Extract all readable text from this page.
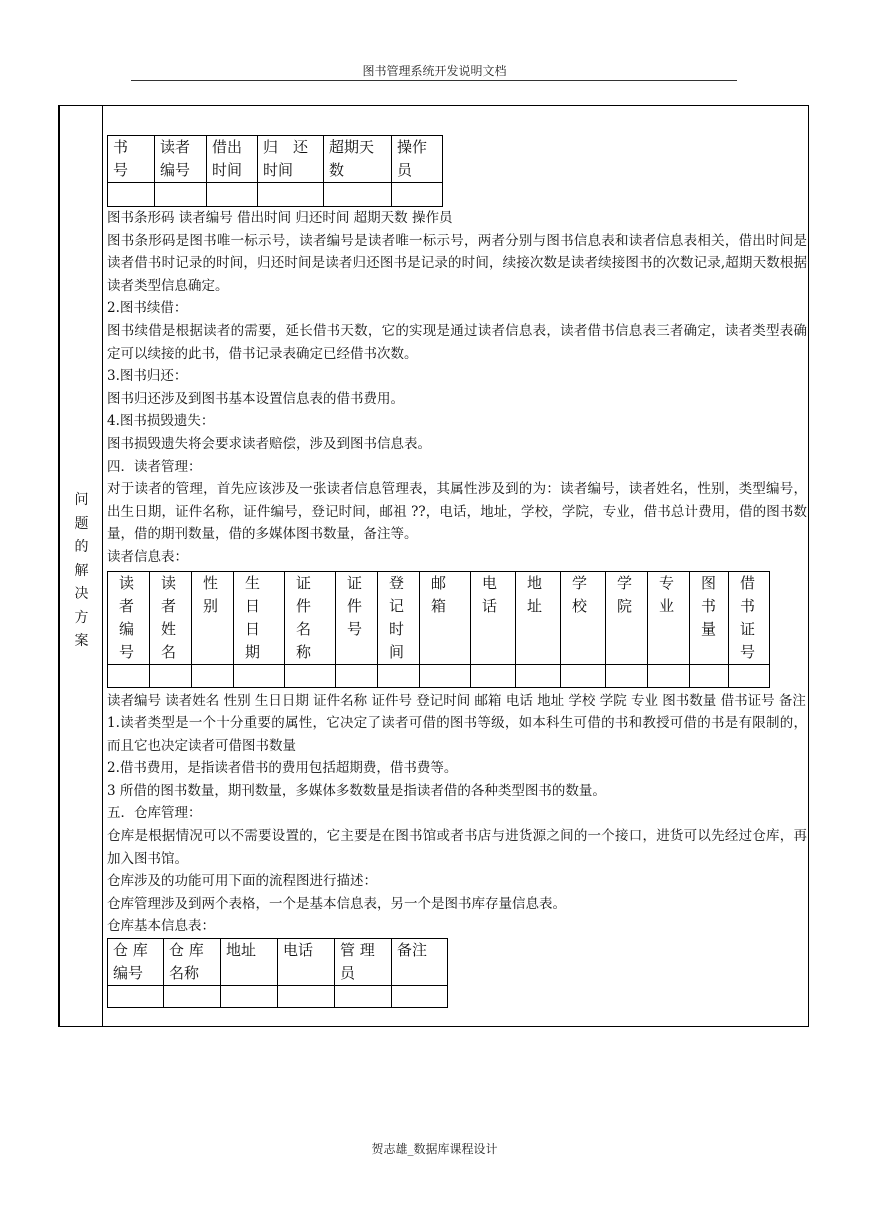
图书管理系统开发说明文档
问
题
的
解
决
方
案
书
号	读者
编号	借出
时间	归　还
时间	超期天
数	操作
员

图书条形码 读者编号 借出时间 归还时间 超期天数 操作员

图书条形码是图书唯一标示号，读者编号是读者唯一标示号，两者分别与图书信息表和读者信息表相关，借出时间是读者借书时记录的时间，归还时间是读者归还图书是记录的时间，续接次数是读者续接图书的次数记录,超期天数根据读者类型信息确定。

2.图书续借：

图书续借是根据读者的需要，延长借书天数，它的实现是通过读者信息表，读者借书信息表三者确定，读者类型表确定可以续接的此书，借书记录表确定已经借书次数。

3.图书归还：

图书归还涉及到图书基本设置信息表的借书费用。

4.图书损毁遗失：

图书损毁遗失将会要求读者赔偿，涉及到图书信息表。

四．读者管理：

对于读者的管理，首先应该涉及一张读者信息管理表，其属性涉及到的为：读者编号，读者姓名，性别，类型编号，出生日期，证件名称，证件编号，登记时间，邮祖 ??，电话，地址，学校，学院，专业，借书总计费用，借的图书数量，借的期刊数量，借的多媒体图书数量，备注等。

读者信息表：

读
者
编
号	读
者
姓
名	性
别	生
日
日
期	证
件
名
称	证
件
号	登
记
时
间	邮
箱	电
话	地
址	学
校	学
院	专
业	图
书
量	借
书
证
号

读者编号 读者姓名 性别 生日日期 证件名称 证件号 登记时间 邮箱 电话 地址 学校 学院 专业 图书数量 借书证号 备注

1.读者类型是一个十分重要的属性，它决定了读者可借的图书等级，如本科生可借的书和教授可借的书是有限制的，而且它也决定读者可借图书数量

2.借书费用，是指读者借书的费用包括超期费，借书费等。

3 所借的图书数量，期刊数量，多媒体多数数量是指读者借的各种类型图书的数量。

五．仓库管理：

仓库是根据情况可以不需要设置的，它主要是在图书馆或者书店与进货源之间的一个接口，进货可以先经过仓库，再加入图书馆。

仓库涉及的功能可用下面的流程图进行描述：

仓库管理涉及到两个表格，一个是基本信息表，另一个是图书库存量信息表。

仓库基本信息表：

仓 库
编号	仓 库
名称	地址	电话	管 理
员	备注

贺志雄_数据库课程设计
